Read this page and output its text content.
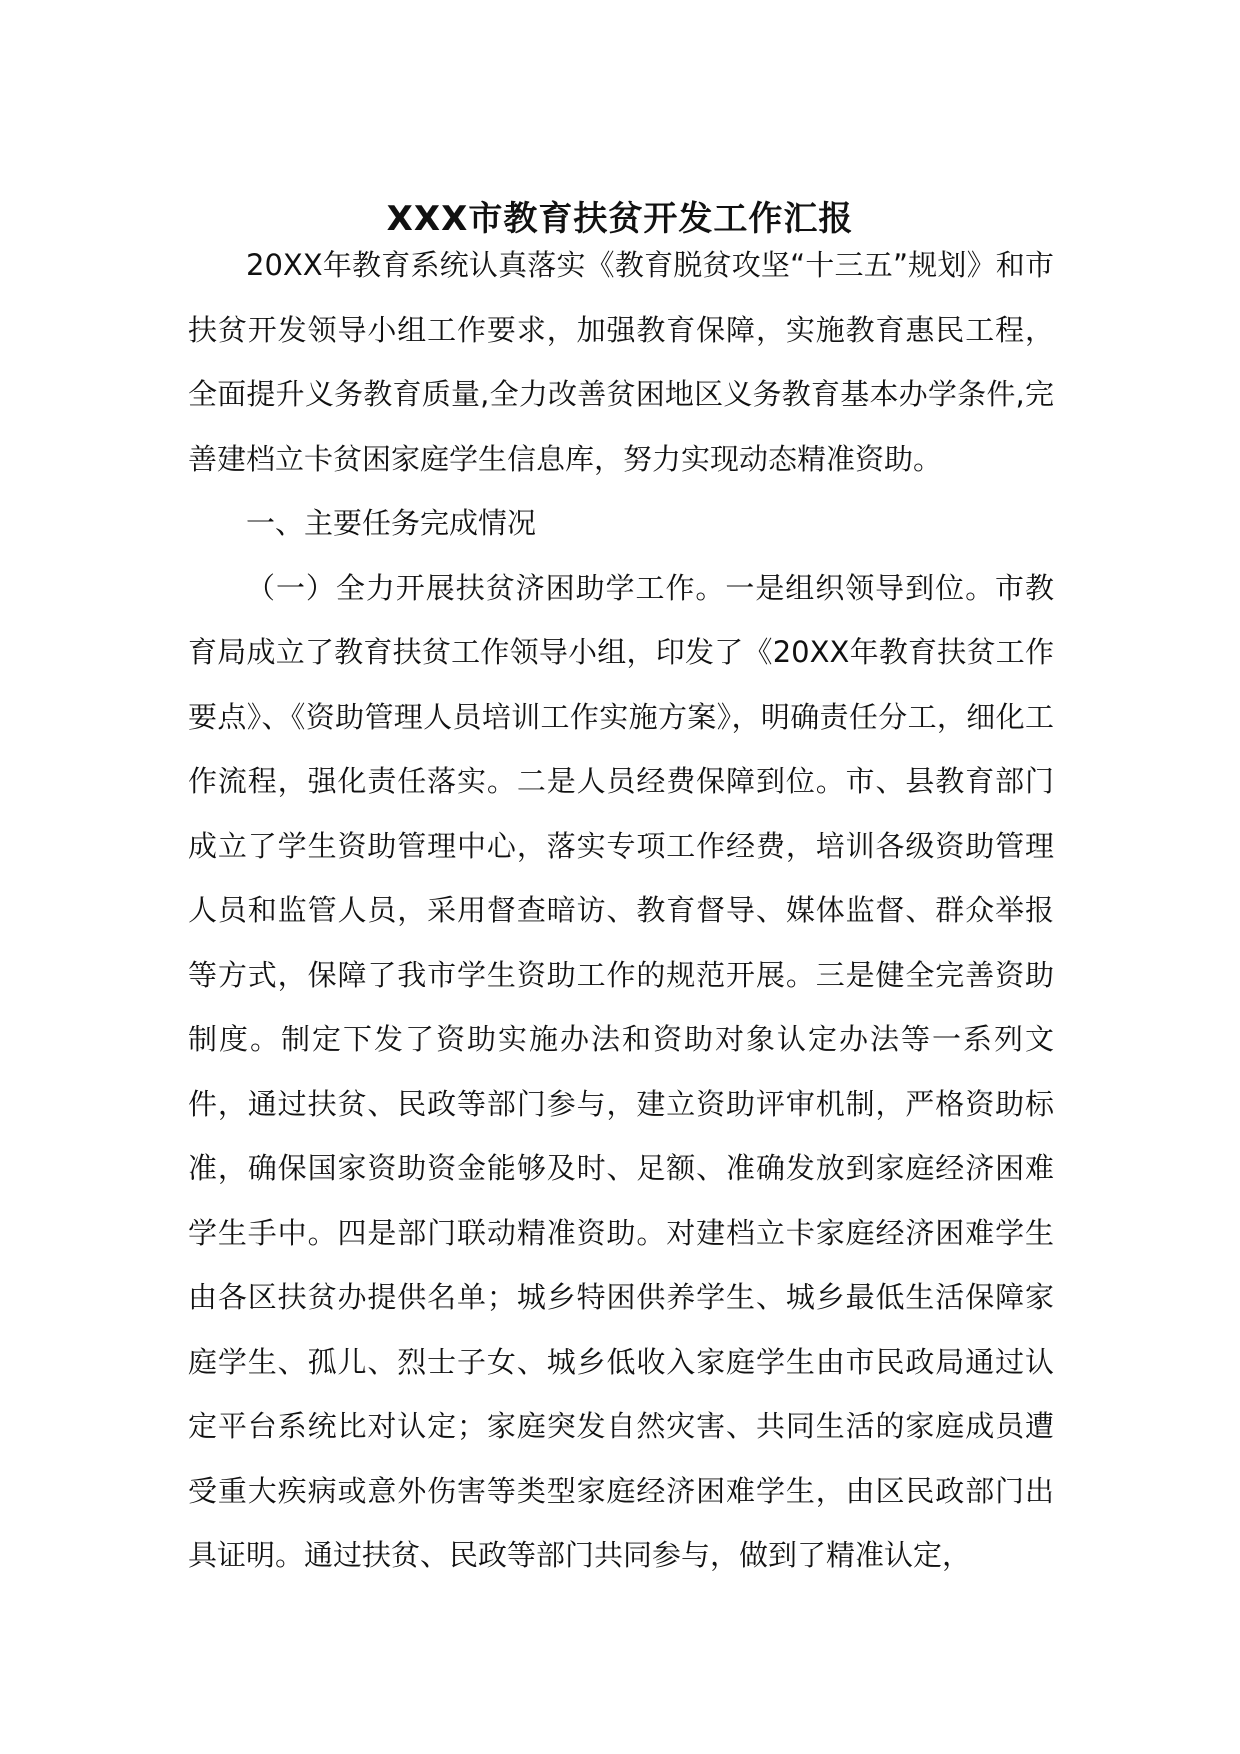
XXX市教育扶贫开发工作汇报

20XX年教育系统认真落实《教育脱贫攻坚“十三五”规划》和市扶贫开发领导小组工作要求，加强教育保障，实施教育惠民工程，全面提升义务教育质量,全力改善贫困地区义务教育基本办学条件,完善建档立卡贫困家庭学生信息库，努力实现动态精准资助。

一、主要任务完成情况

（一）全力开展扶贫济困助学工作。一是组织领导到位。市教育局成立了教育扶贫工作领导小组，印发了《20XX年教育扶贫工作要点》、《资助管理人员培训工作实施方案》，明确责任分工，细化工作流程，强化责任落实。二是人员经费保障到位。市、县教育部门成立了学生资助管理中心，落实专项工作经费，培训各级资助管理人员和监管人员，采用督查暗访、教育督导、媒体监督、群众举报等方式，保障了我市学生资助工作的规范开展。三是健全完善资助制度。制定下发了资助实施办法和资助对象认定办法等一系列文件，通过扶贫、民政等部门参与，建立资助评审机制，严格资助标准，确保国家资助资金能够及时、足额、准确发放到家庭经济困难学生手中。四是部门联动精准资助。对建档立卡家庭经济困难学生由各区扶贫办提供名单；城乡特困供养学生、城乡最低生活保障家庭学生、孤儿、烈士子女、城乡低收入家庭学生由市民政局通过认定平台系统比对认定；家庭突发自然灾害、共同生活的家庭成员遭受重大疾病或意外伤害等类型家庭经济困难学生，由区民政部门出具证明。通过扶贫、民政等部门共同参与，做到了精准认定，
